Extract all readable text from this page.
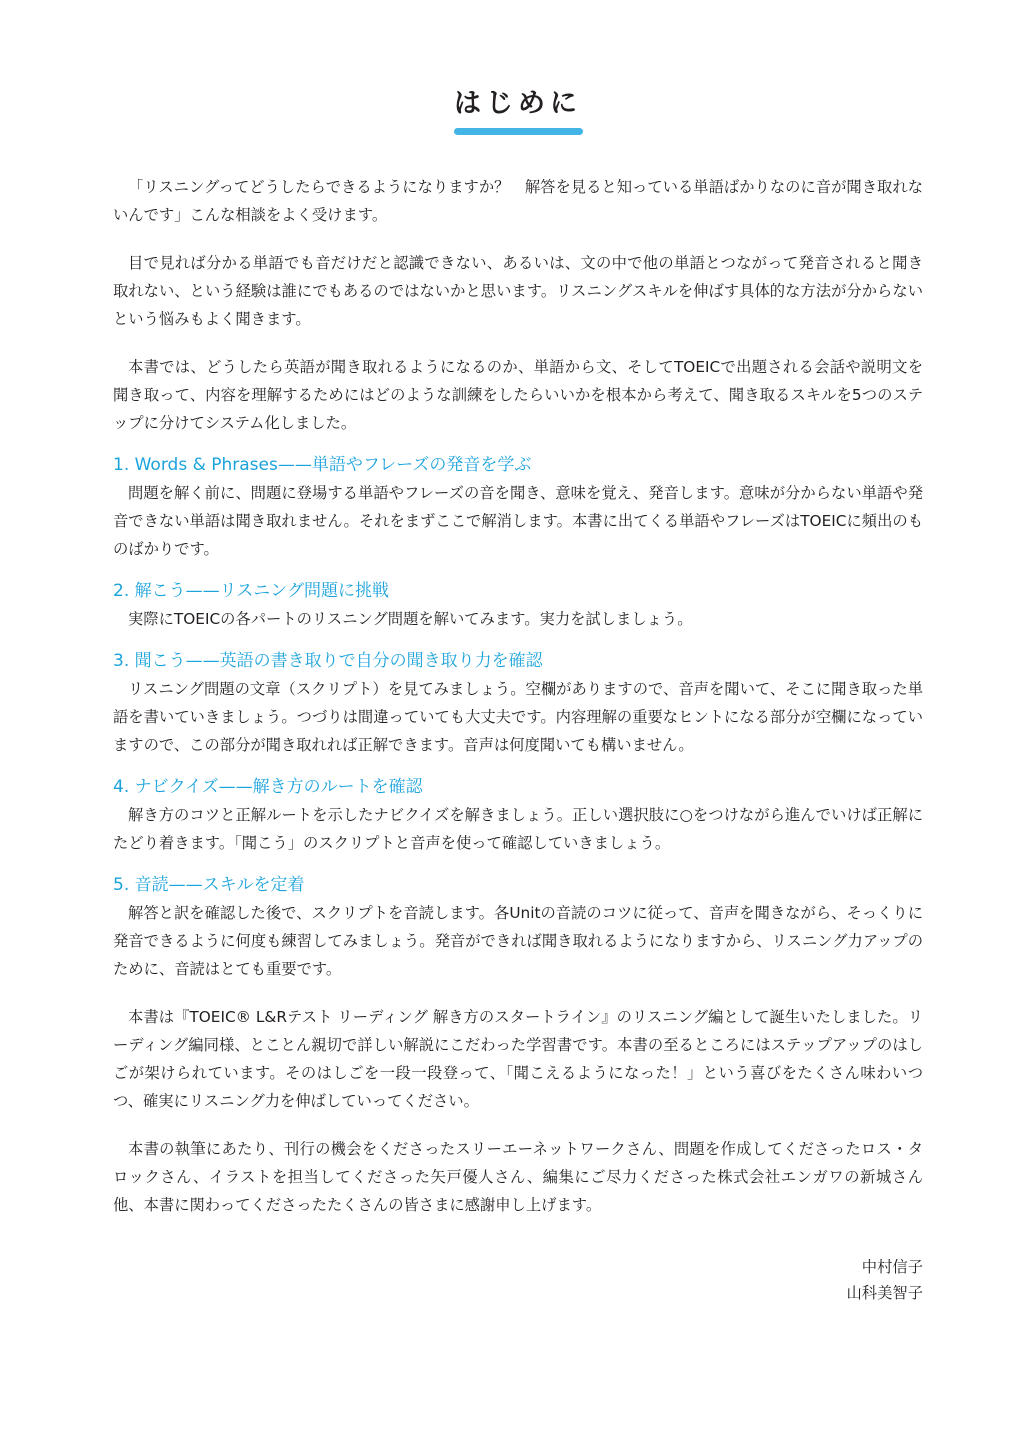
はじめに

「リスニングってどうしたらできるようになりますか？　解答を見ると知っている単語ばかりなのに音が聞き取れないんです」こんな相談をよく受けます。

目で見れば分かる単語でも音だけだと認識できない、あるいは、文の中で他の単語とつながって発音されると聞き取れない、という経験は誰にでもあるのではないかと思います。リスニングスキルを伸ばす具体的な方法が分からないという悩みもよく聞きます。

本書では、どうしたら英語が聞き取れるようになるのか、単語から文、そしてTOEICで出題される会話や説明文を聞き取って、内容を理解するためにはどのような訓練をしたらいいかを根本から考えて、聞き取るスキルを5つのステップに分けてシステム化しました。

1. Words & Phrases——単語やフレーズの発音を学ぶ

問題を解く前に、問題に登場する単語やフレーズの音を聞き、意味を覚え、発音します。意味が分からない単語や発音できない単語は聞き取れません。それをまずここで解消します。本書に出てくる単語やフレーズはTOEICに頻出のものばかりです。

2. 解こう——リスニング問題に挑戦

実際にTOEICの各パートのリスニング問題を解いてみます。実力を試しましょう。

3. 聞こう——英語の書き取りで自分の聞き取り力を確認

リスニング問題の文章（スクリプト）を見てみましょう。空欄がありますので、音声を聞いて、そこに聞き取った単語を書いていきましょう。つづりは間違っていても大丈夫です。内容理解の重要なヒントになる部分が空欄になっていますので、この部分が聞き取れれば正解できます。音声は何度聞いても構いません。

4. ナビクイズ——解き方のルートを確認

解き方のコツと正解ルートを示したナビクイズを解きましょう。正しい選択肢に○をつけながら進んでいけば正解にたどり着きます。「聞こう」のスクリプトと音声を使って確認していきましょう。

5. 音読——スキルを定着

解答と訳を確認した後で、スクリプトを音読します。各Unitの音読のコツに従って、音声を聞きながら、そっくりに発音できるように何度も練習してみましょう。発音ができれば聞き取れるようになりますから、リスニング力アップのために、音読はとても重要です。

本書は『TOEIC® L&Rテスト リーディング 解き方のスタートライン』のリスニング編として誕生いたしました。リーディング編同様、とことん親切で詳しい解説にこだわった学習書です。本書の至るところにはステップアップのはしごが架けられています。そのはしごを一段一段登って、「聞こえるようになった！」という喜びをたくさん味わいつつ、確実にリスニング力を伸ばしていってください。

本書の執筆にあたり、刊行の機会をくださったスリーエーネットワークさん、問題を作成してくださったロス・タロックさん、イラストを担当してくださった矢戸優人さん、編集にご尽力くださった株式会社エンガワの新城さん他、本書に関わってくださったたくさんの皆さまに感謝申し上げます。

中村信子
山科美智子
